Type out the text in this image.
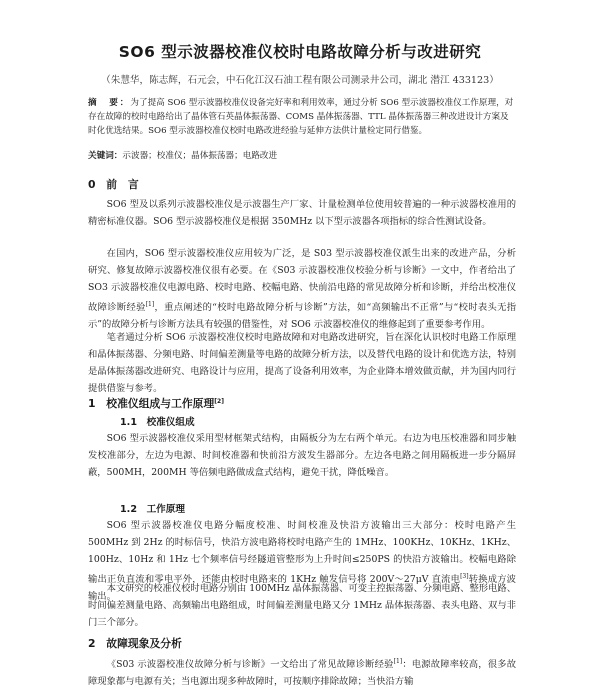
SO6 型示波器校准仪校时电路故障分析与改进研究
（朱慧华，陈志辉，石元会，中石化江汉石油工程有限公司测录井公司，湖北 潜江 433123）
摘　要：为了提高 SO6 型示波器校准仪设备完好率和利用效率，通过分析 SO6 型示波器校准仪工作原理，对存在故障的校时电路给出了晶体管石英晶体振荡器、COMS 晶体振荡器、TTL 晶体振荡器三种改进设计方案及时化优选结果。SO6 型示波器校准仪校时电路改进经验与延伸方法供计量检定同行借鉴。
关键词：示波器；校准仪；晶体振荡器；电路改进
0　前　言
SO6 型及以系列示波器校准仪是示波器生产厂家、计量检测单位使用较普遍的一种示波器校准用的精密标准仪器。SO6 型示波器校准仪是根据 350MHz 以下型示波器各项指标的综合性测试设备。
在国内，SO6 型示波器校准仪应用较为广泛，是 S03 型示波器校准仪派生出来的改进产品，分析研究、修复故障示波器校准仪很有必要。在《S03 示波器校准仪校验分析与诊断》一文中，作者给出了 SO3 示波器校准仪电源电路、校时电路、校幅电路、快前沿电路的常见故障分析和诊断，并给出校准仪故障诊断经验[1]，重点阐述的“校时电路故障分析与诊断”方法，如“高频输出不正常”与“校时表头无指示”的故障分析与诊断方法具有较强的借鉴性，对 SO6 示波器校准仪的维修起到了重要参考作用。
笔者通过分析 SO6 示波器校准仪校时电路故障和对电路改进研究，旨在深化认识校时电路工作原理和晶体振荡器、分频电路、时间偏差测量等电路的故障分析方法，以及替代电路的设计和优选方法，特别是晶体振荡器改进研究、电路设计与应用，提高了设备利用效率，为企业降本增效做贡献，并为国内同行提供借鉴与参考。
1　校准仪组成与工作原理[2]
1.1　校准仪组成
SO6 型示波器校准仪采用型材框架式结构，由隔板分为左右两个单元。右边为电压校准器和同步触发校准部分，左边为电源、时间校准器和快前沿方波发生器部分。左边各电路之间用隔板进一步分隔屏蔽，500MH，200MH 等倍频电路做成盒式结构，避免干扰，降低噪音。
1.2　工作原理
SO6 型示波器校准仪电路分幅度校准、时间校准及快沿方波输出三大部分：校时电路产生 500MHz 到 2Hz 的时标信号，快沿方波电路将校时电路产生的 1MHz、100KHz、10KHz、1KHz、100Hz、10Hz 和 1Hz 七个频率信号经隧道管整形为上升时间≤250PS 的快沿方波输出。校幅电路除输出正负直流和零电平外，还能由校时电路来的 1KHz 触发信号将 200V～27μV 直流电[3]转换成方波输出。
本文研究的校准仪校时电路分别由 100MHz 晶体振荡器、可变主控振荡器、分频电路、整形电路、时间偏差测量电路、高频输出电路组成，时间偏差测量电路又分 1MHz 晶体振荡器、表头电路、双与非门三个部分。
2　故障现象及分析
《S03 示波器校准仪故障分析与诊断》一文给出了常见故障诊断经验[1]：电源故障率较高，很多故障现象都与电源有关；当电源出现多种故障时，可按顺序排除故障；当快沿方输
